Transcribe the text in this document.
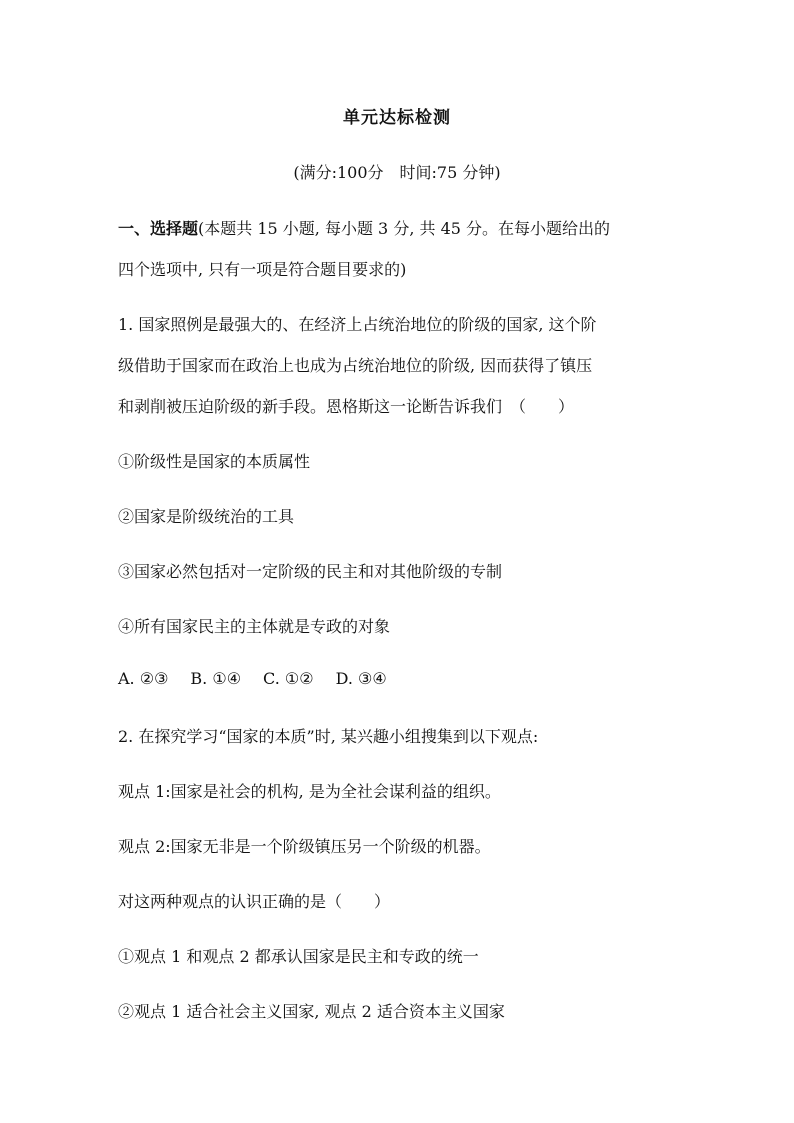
单元达标检测
(满分:100分　时间:75 分钟)
一、选择题(本题共 15 小题, 每小题 3 分, 共 45 分。在每小题给出的
四个选项中, 只有一项是符合题目要求的)
1. 国家照例是最强大的、在经济上占统治地位的阶级的国家, 这个阶
级借助于国家而在政治上也成为占统治地位的阶级, 因而获得了镇压
和剥削被压迫阶级的新手段。恩格斯这一论断告诉我们　（　　）
①阶级性是国家的本质属性
②国家是阶级统治的工具
③国家必然包括对一定阶级的民主和对其他阶级的专制
④所有国家民主的主体就是专政的对象
A. ②③ B. ①④ C. ①② D. ③④
2. 在探究学习“国家的本质”时, 某兴趣小组搜集到以下观点:
观点 1:国家是社会的机构, 是为全社会谋利益的组织。
观点 2:国家无非是一个阶级镇压另一个阶级的机器。
对这两种观点的认识正确的是（　　）
①观点 1 和观点 2 都承认国家是民主和专政的统一
②观点 1 适合社会主义国家, 观点 2 适合资本主义国家
